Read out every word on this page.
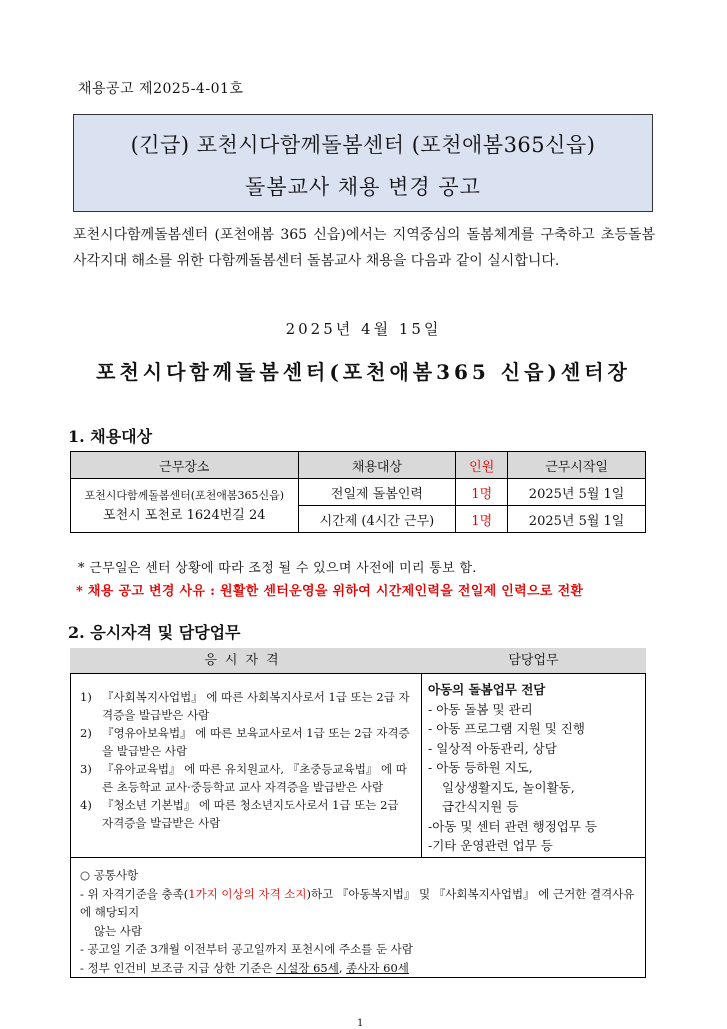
채용공고 제2025-4-01호
(긴급) 포천시다함께돌봄센터 (포천애봄365신읍)
돌봄교사 채용 변경 공고
포천시다함께돌봄센터 (포천애봄 365 신읍)에서는 지역중심의 돌봄체계를 구축하고 초등돌봄 사각지대 해소를 위한 다함께돌봄센터 돌봄교사 채용을 다음과 같이 실시합니다.
2025년 4월 15일
포천시다함께돌봄센터(포천애봄365 신읍)센터장
1. 채용대상
근무장소	채용대상	인원	근무시작일

포천시다함께돌봄센터(포천애봄365신읍)
포천시 포천로 1624번길 24	전일제 돌봄인력	1명	2025년 5월 1일
	시간제 (4시간 근무)	1명	2025년 5월 1일
* 근무일은 센터 상황에 따라 조정 될 수 있으며 사전에 미리 통보 함.
* 채용 공고 변경 사유 : 원활한 센터운영을 위하여 시간제인력을 전일제 인력으로 전환
2. 응시자격 및 담당업무
응시자격	담당업무
1) 『사회복지사업법』 에 따른 사회복지사로서 1급 또는 2급 자격증을 발급받은 사람
2) 『영유아보육법』 에 따른 보육교사로서 1급 또는 2급 자격증을 발급받은 사람
3) 『유아교육법』 에 따른 유치원교사, 『초중등교육법』 에 따른 초등학교 교사·중등학교 교사 자격증을 발급받은 사람
4) 『청소년 기본법』 에 따른 청소년지도사로서 1급 또는 2급 자격증을 발급받은 사람
아동의 돌봄업무 전담
- 아동 돌봄 및 관리
- 아동 프로그램 지원 및 진행
- 일상적 아동관리, 상담
- 아동 등하원 지도,
일상생활지도, 놀이활동,
급간식지원 등
-아동 및 센터 관련 행정업무 등
-기타 운영관련 업무 등
○ 공통사항
- 위 자격기준을 충족(1가지 이상의 자격 소지)하고 『아동복지법』 및 『사회복지사업법』 에 근거한 결격사유에 해당되지
않는 사람
- 공고일 기준 3개월 이전부터 공고일까지 포천시에 주소를 둔 사람
- 정부 인건비 보조금 지급 상한 기준은 시설장 65세, 종사자 60세
1
